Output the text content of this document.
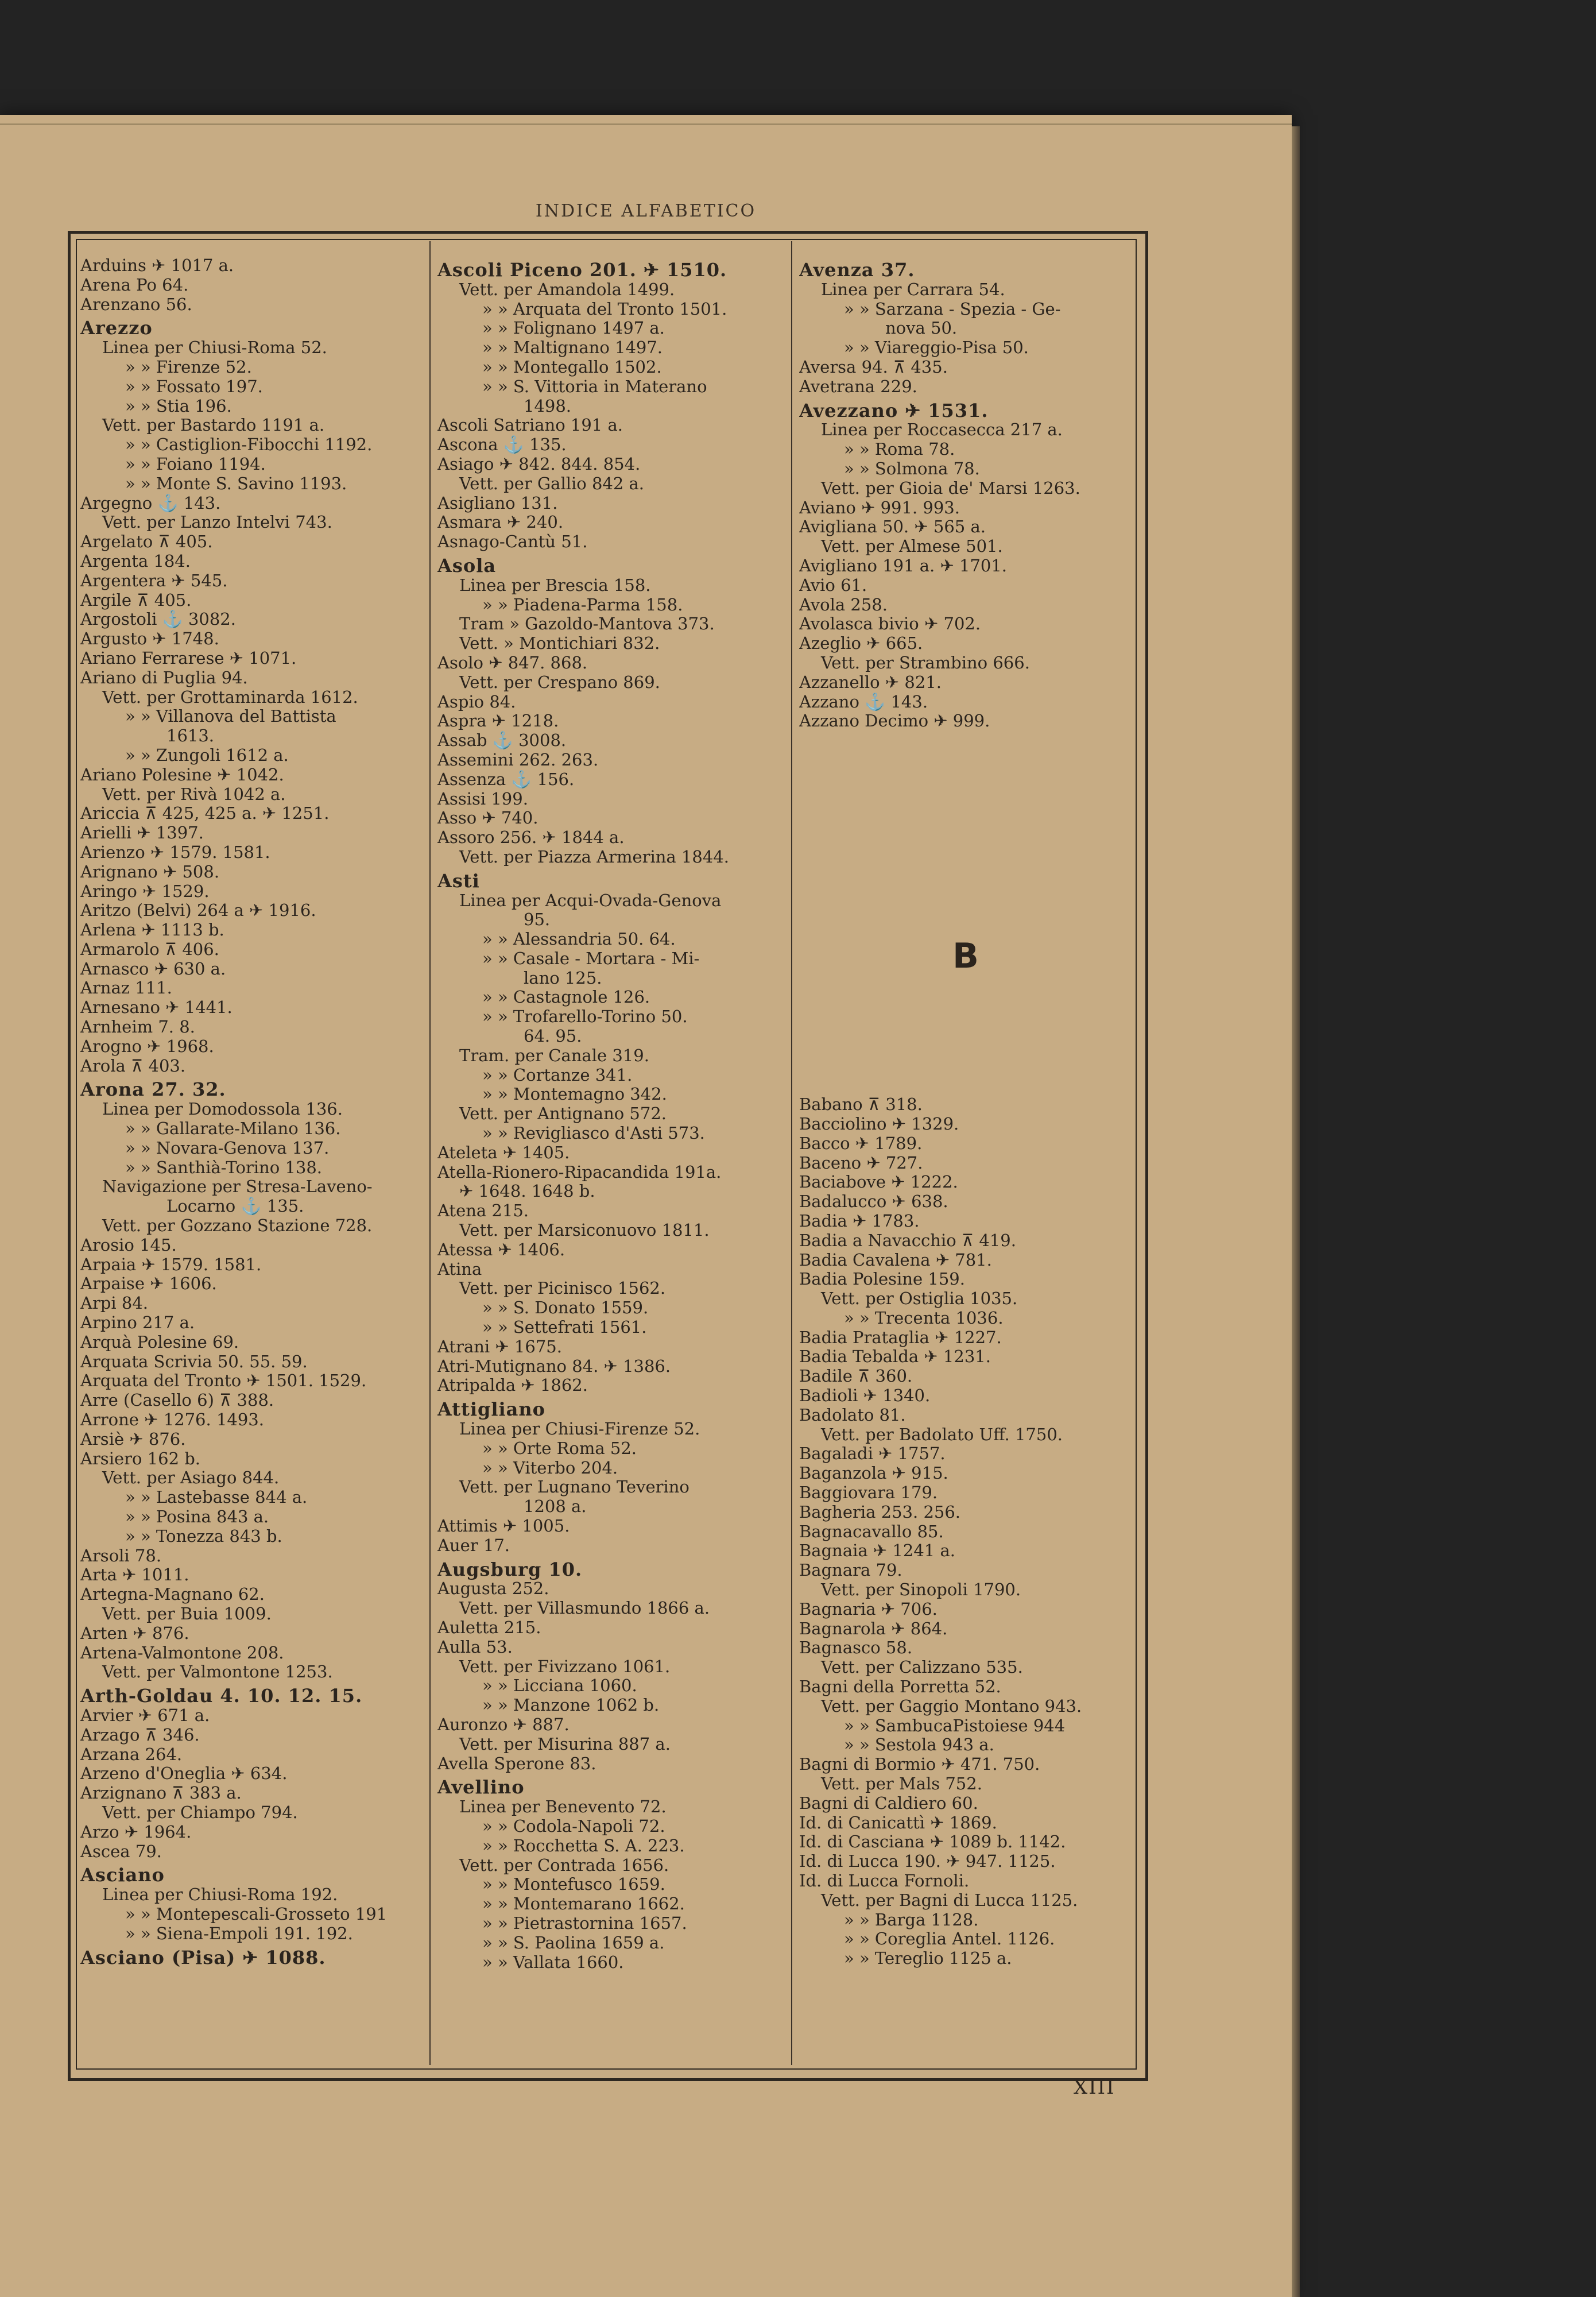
INDICE ALFABETICO
Arduins ✈ 1017 a.
Arena Po 64.
Arenzano 56.
Arezzo
Linea per Chiusi-Roma 52.
» » Firenze 52.
» » Fossato 197.
» » Stia 196.
Vett. per Bastardo 1191 a.
» » Castiglion-Fibocchi 1192.
» » Foiano 1194.
» » Monte S. Savino 1193.
Argegno ⚓ 143.
Vett. per Lanzo Intelvi 743.
Argelato ⊼ 405.
Argenta 184.
Argentera ✈ 545.
Argile ⊼ 405.
Argostoli ⚓ 3082.
Argusto ✈ 1748.
Ariano Ferrarese ✈ 1071.
Ariano di Puglia 94.
Vett. per Grottaminarda 1612.
» » Villanova del Battista
1613.
» » Zungoli 1612 a.
Ariano Polesine ✈ 1042.
Vett. per Rivà 1042 a.
Ariccia ⊼ 425, 425 a. ✈ 1251.
Arielli ✈ 1397.
Arienzo ✈ 1579. 1581.
Arignano ✈ 508.
Aringo ✈ 1529.
Aritzo (Belvi) 264 a ✈ 1916.
Arlena ✈ 1113 b.
Armarolo ⊼ 406.
Arnasco ✈ 630 a.
Arnaz 111.
Arnesano ✈ 1441.
Arnheim 7. 8.
Arogno ✈ 1968.
Arola ⊼ 403.
Arona 27. 32.
Linea per Domodossola 136.
» » Gallarate-Milano 136.
» » Novara-Genova 137.
» » Santhià-Torino 138.
Navigazione per Stresa-Laveno-
Locarno ⚓ 135.
Vett. per Gozzano Stazione 728.
Arosio 145.
Arpaia ✈ 1579. 1581.
Arpaise ✈ 1606.
Arpi 84.
Arpino 217 a.
Arquà Polesine 69.
Arquata Scrivia 50. 55. 59.
Arquata del Tronto ✈ 1501. 1529.
Arre (Casello 6) ⊼ 388.
Arrone ✈ 1276. 1493.
Arsiè ✈ 876.
Arsiero 162 b.
Vett. per Asiago 844.
» » Lastebasse 844 a.
» » Posina 843 a.
» » Tonezza 843 b.
Arsoli 78.
Arta ✈ 1011.
Artegna-Magnano 62.
Vett. per Buia 1009.
Arten ✈ 876.
Artena-Valmontone 208.
Vett. per Valmontone 1253.
Arth-Goldau 4. 10. 12. 15.
Arvier ✈ 671 a.
Arzago ⊼ 346.
Arzana 264.
Arzeno d'Oneglia ✈ 634.
Arzignano ⊼ 383 a.
Vett. per Chiampo 794.
Arzo ✈ 1964.
Ascea 79.
Asciano
Linea per Chiusi-Roma 192.
» » Montepescali-Grosseto 191
» » Siena-Empoli 191. 192.
Asciano (Pisa) ✈ 1088.
Ascoli Piceno 201. ✈ 1510.
Vett. per Amandola 1499.
» » Arquata del Tronto 1501.
» » Folignano 1497 a.
» » Maltignano 1497.
» » Montegallo 1502.
» » S. Vittoria in Materano
1498.
Ascoli Satriano 191 a.
Ascona ⚓ 135.
Asiago ✈ 842. 844. 854.
Vett. per Gallio 842 a.
Asigliano 131.
Asmara ✈ 240.
Asnago-Cantù 51.
Asola
Linea per Brescia 158.
» » Piadena-Parma 158.
Tram » Gazoldo-Mantova 373.
Vett. » Montichiari 832.
Asolo ✈ 847. 868.
Vett. per Crespano 869.
Aspio 84.
Aspra ✈ 1218.
Assab ⚓ 3008.
Assemini 262. 263.
Assenza ⚓ 156.
Assisi 199.
Asso ✈ 740.
Assoro 256. ✈ 1844 a.
Vett. per Piazza Armerina 1844.
Asti
Linea per Acqui-Ovada-Genova
95.
» » Alessandria 50. 64.
» » Casale - Mortara - Mi-
lano 125.
» » Castagnole 126.
» » Trofarello-Torino 50.
64. 95.
Tram. per Canale 319.
» » Cortanze 341.
» » Montemagno 342.
Vett. per Antignano 572.
» » Revigliasco d'Asti 573.
Ateleta ✈ 1405.
Atella-Rionero-Ripacandida 191a.
✈ 1648. 1648 b.
Atena 215.
Vett. per Marsiconuovo 1811.
Atessa ✈ 1406.
Atina
Vett. per Picinisco 1562.
» » S. Donato 1559.
» » Settefrati 1561.
Atrani ✈ 1675.
Atri-Mutignano 84. ✈ 1386.
Atripalda ✈ 1862.
Attigliano
Linea per Chiusi-Firenze 52.
» » Orte Roma 52.
» » Viterbo 204.
Vett. per Lugnano Teverino
1208 a.
Attimis ✈ 1005.
Auer 17.
Augsburg 10.
Augusta 252.
Vett. per Villasmundo 1866 a.
Auletta 215.
Aulla 53.
Vett. per Fivizzano 1061.
» » Licciana 1060.
» » Manzone 1062 b.
Auronzo ✈ 887.
Vett. per Misurina 887 a.
Avella Sperone 83.
Avellino
Linea per Benevento 72.
» » Codola-Napoli 72.
» » Rocchetta S. A. 223.
Vett. per Contrada 1656.
» » Montefusco 1659.
» » Montemarano 1662.
» » Pietrastornina 1657.
» » S. Paolina 1659 a.
» » Vallata 1660.
Avenza 37.
Linea per Carrara 54.
» » Sarzana - Spezia - Ge-
nova 50.
» » Viareggio-Pisa 50.
Aversa 94. ⊼ 435.
Avetrana 229.
Avezzano ✈ 1531.
Linea per Roccasecca 217 a.
» » Roma 78.
» » Solmona 78.
Vett. per Gioia de' Marsi 1263.
Aviano ✈ 991. 993.
Avigliana 50. ✈ 565 a.
Vett. per Almese 501.
Avigliano 191 a. ✈ 1701.
Avio 61.
Avola 258.
Avolasca bivio ✈ 702.
Azeglio ✈ 665.
Vett. per Strambino 666.
Azzanello ✈ 821.
Azzano ⚓ 143.
Azzano Decimo ✈ 999.
B
Babano ⊼ 318.
Bacciolino ✈ 1329.
Bacco ✈ 1789.
Baceno ✈ 727.
Baciabove ✈ 1222.
Badalucco ✈ 638.
Badia ✈ 1783.
Badia a Navacchio ⊼ 419.
Badia Cavalena ✈ 781.
Badia Polesine 159.
Vett. per Ostiglia 1035.
» » Trecenta 1036.
Badia Prataglia ✈ 1227.
Badia Tebalda ✈ 1231.
Badile ⊼ 360.
Badioli ✈ 1340.
Badolato 81.
Vett. per Badolato Uff. 1750.
Bagaladi ✈ 1757.
Baganzola ✈ 915.
Baggiovara 179.
Bagheria 253. 256.
Bagnacavallo 85.
Bagnaia ✈ 1241 a.
Bagnara 79.
Vett. per Sinopoli 1790.
Bagnaria ✈ 706.
Bagnarola ✈ 864.
Bagnasco 58.
Vett. per Calizzano 535.
Bagni della Porretta 52.
Vett. per Gaggio Montano 943.
» » SambucaPistoiese 944
» » Sestola 943 a.
Bagni di Bormio ✈ 471. 750.
Vett. per Mals 752.
Bagni di Caldiero 60.
Id. di Canicattì ✈ 1869.
Id. di Casciana ✈ 1089 b. 1142.
Id. di Lucca 190. ✈ 947. 1125.
Id. di Lucca Fornoli.
Vett. per Bagni di Lucca 1125.
» » Barga 1128.
» » Coreglia Antel. 1126.
» » Tereglio 1125 a.
XIII
